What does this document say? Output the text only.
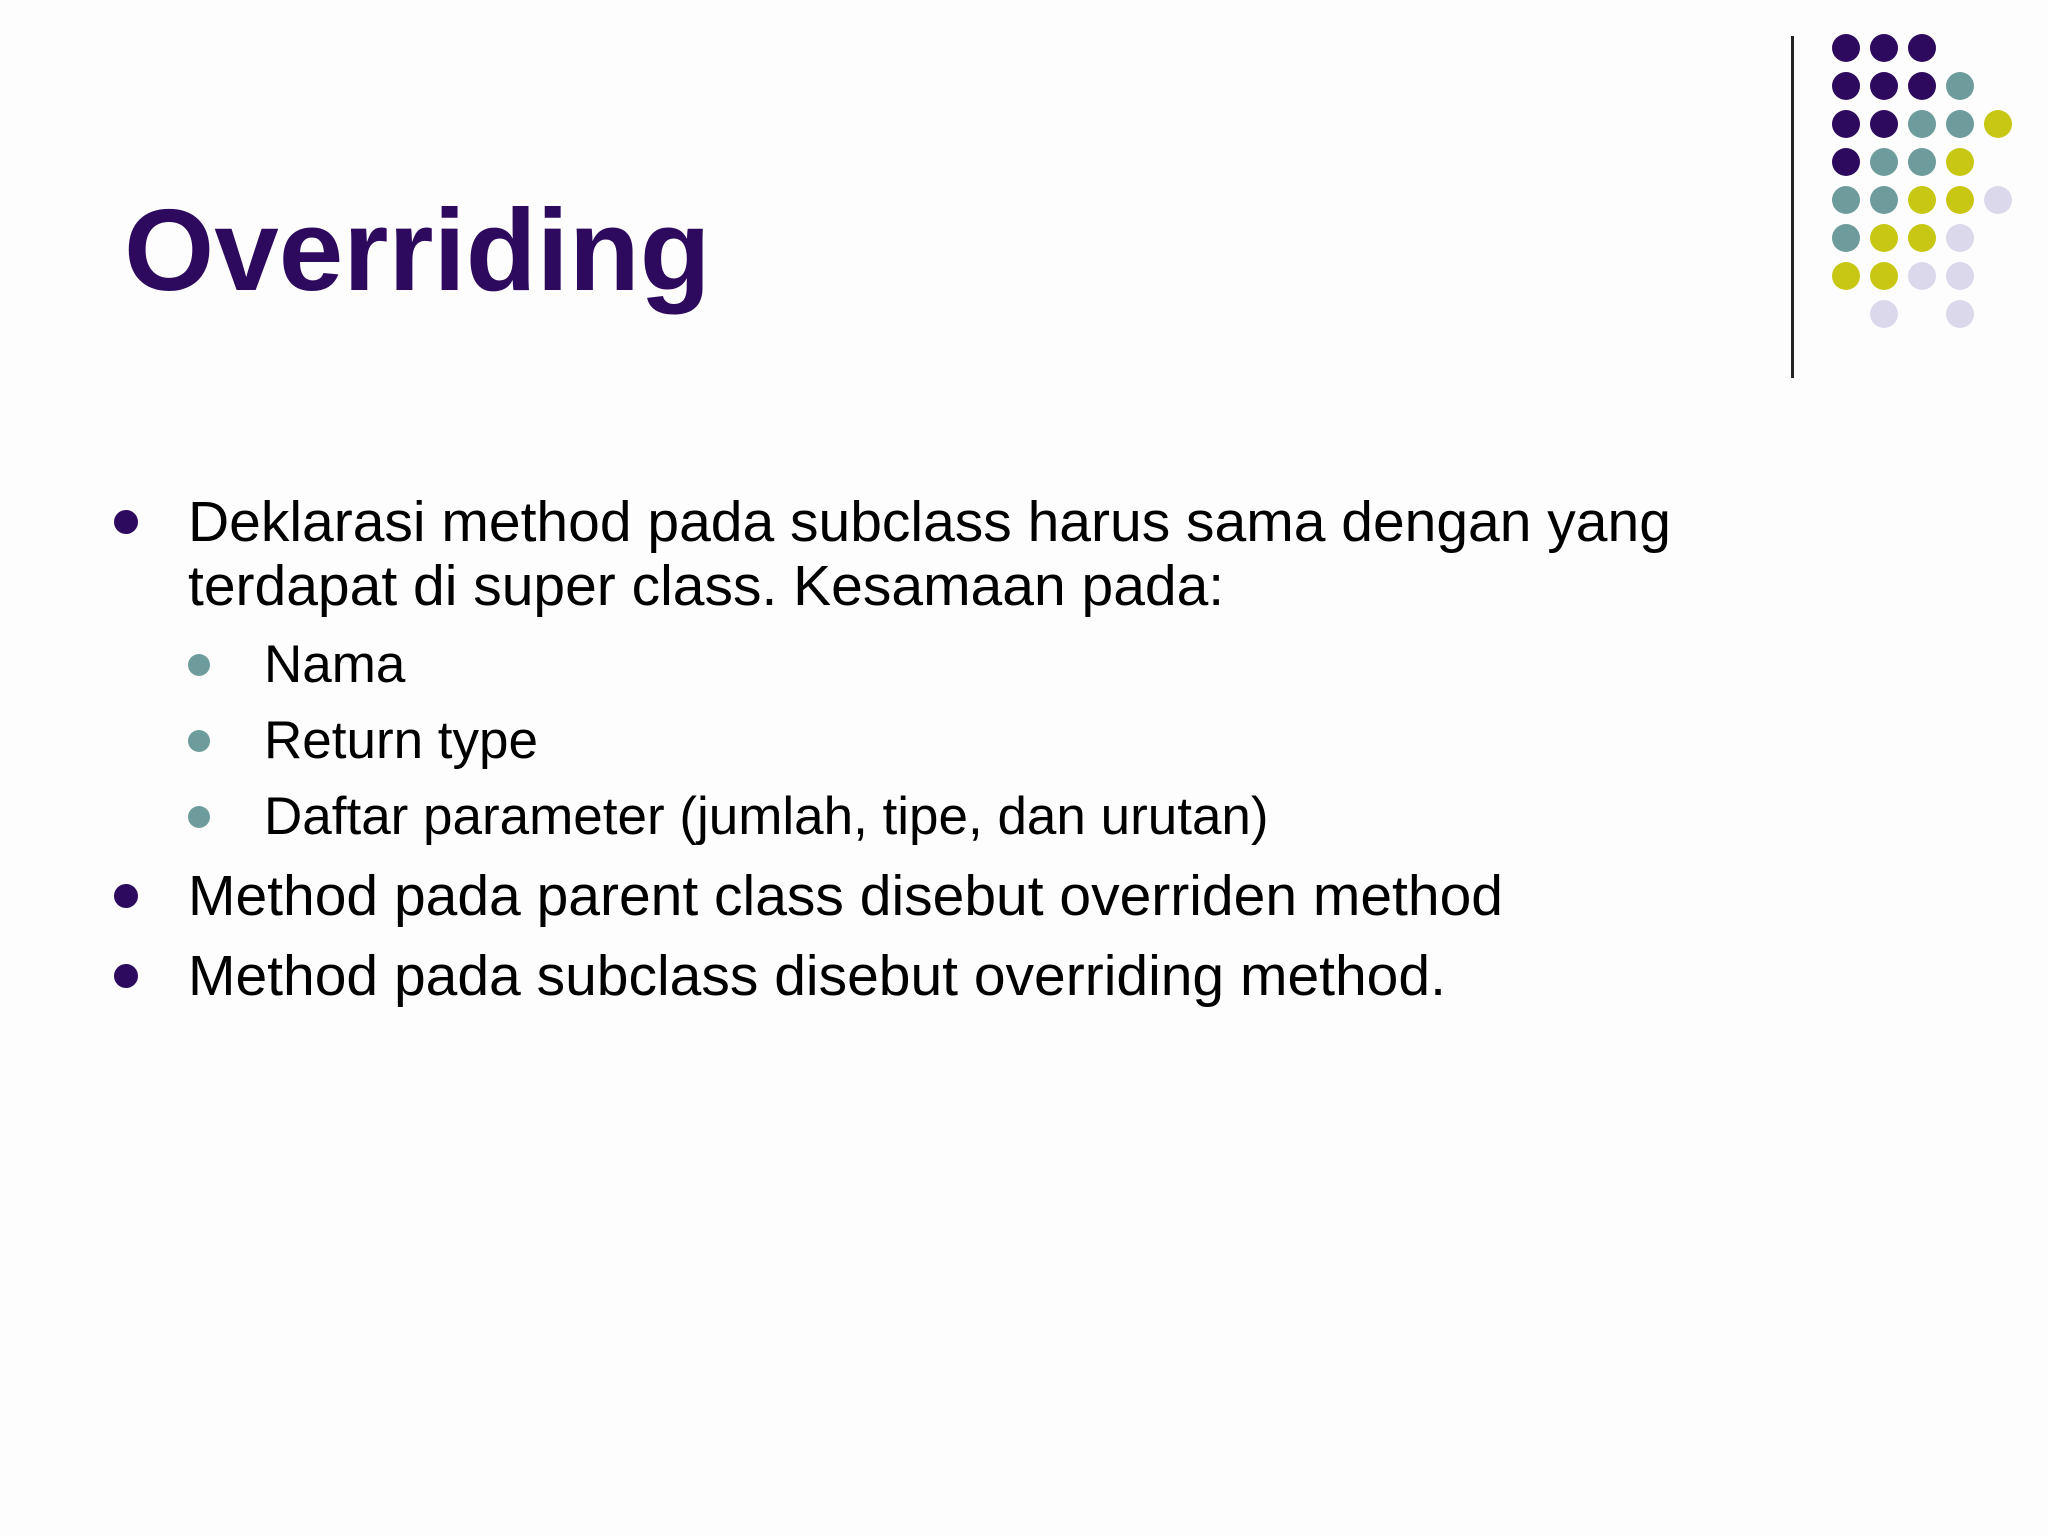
Overriding
Deklarasi method pada subclass harus sama dengan yang terdapat di super class. Kesamaan pada:
Nama
Return type
Daftar parameter (jumlah, tipe, dan urutan)
Method pada parent class disebut overriden method
Method pada subclass disebut overriding method.
